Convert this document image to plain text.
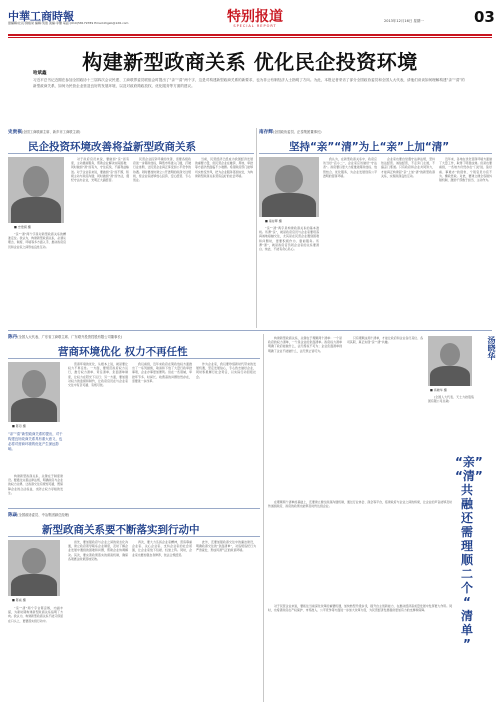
中華工商時報
總編輯/社長:劉植榮 編輯:吳強 美編:李蘭 電話:(010)58179789 Email:zhgsb@126.com	特别报道
SPECIAL REPORT
2013年12月16日 星期一	03
构建新型政商关系 优化民企投资环境
哈斌鑫
习近平总书记近期在参加全国政协十三届四次会议民建、工商联界委员联组会时提出了“亲”“清”两个字，这是对构建新型政商关系的新要求，也为非公有制经济人士指明了方向。为此，本报记者采访了部分全国政协委员和全国人大代表，请他们谈谈如何理解构建“亲”“清”的新型政商关系，如何为民营企业营造良好的发展环境，以及对政府简政放权、优化服务等方面的建议。
史贵祺(全国工商联副主席、新乡市工商联主席)
民企投资环境改善将益新型政商关系
■ 史贵祺 摄

“亲”“清”两个字是对新型政商关系的精准定位。我认为，构建新型政商关系，必须从理念、制度、环境等多方面入手，推动政府官员和企业家之间形成良性互动。

对于政府官员来说，要做到“亲”而有度，主动靠前服务，帮助企业解决实际困难；同时做到“清”而有为，守住底线，不搞利益输送。对于企业家来说，要做到“亲”而不贿，积极主动与政府沟通；同时做到“清”而守法，遵纪守法办企业，光明正大搞经营。

民营企业投资环境的改善，需要各级政府进一步简政放权，降低市场准入门槛，打破行业垄断，让民营企业真正享受到公平竞争的待遇。同时要加快建立公开透明的政商交往规则，使企业家能够放心投资、安心经营、专心创业。

当前，民营经济已经成为我国经济发展的重要力量，但民营企业在融资、用地、审批等方面仍然面临不少难题。希望政府部门能够切实转变作风，把为企业服务落到实处，为构建新型政商关系营造良好的社会环境。

南存辉(全国政协委员、正泰集团董事长)
坚持“亲”“清”为上“亲”上加“清”
■ 南存辉 摄

“亲”“清”两字是构建政商关系的基本准则。所谓“亲”，就是政府官员与企业家要坦荡真诚地接触交往，尤其是在民营企业遇到困难和问题时，更要积极作为、靠前服务。所谓“清”，就是政府官员同企业家的关系要清白、纯洁，不能有贪心私心。

我认为，在新型政商关系中，政府应该当好“店小二”，企业家应该做好“守法者”。政府要以更大力度推进简政放权、放管结合、优化服务，为企业发展创造公平透明的营商环境。

企业家也要自觉遵守法律法规，坚持依法经营、诚信经营，不走旁门左道，不搞歪门邪道。只有政府和企业共同努力，才能真正构建起“亲”上加“清”的新型政商关系，实现政商良性互动。

近年来，各地在优化营商环境方面做了大量工作，取得了明显成效。但是也要看到，一些地方仍然存在“门好进、脸好看、事难办”的现象，个别官员为官不为、懒政怠政。对此，要建立健全容错纠错机制，激励干部敢于担当、主动作为。

陈丹(全国人大代表、广东省工商联主席、广东联升投资控股有限公司董事长)
营商环境优化 权力不再任性
■ 陈丹 摄
“亲”“清”新型政商关系的提出，对于构建良好政商关系具有重大意义，也必将对营商环境的优化产生深远影响。

构建新型政商关系，关键在于制度建设。要通过完善法律法规，明确政府与企业的权力边界，让政商交往有规矩可循，既保障企业的合法权益，也防止权力寻租的发生。

营商环境的优化，从根本上说，就是要让权力不再任性。一方面，要规范政府权力运行，推行权力清单、责任清单、负面清单制度，让权力在阳光下运行；另一方面，要加强对权力的监督和制约，让政府官员在与企业家交往中有章可循、有规可依。

我们看到，近年来政府在简政放权方面推出了一系列措施，取消和下放了大量行政审批事项，企业办事更加便利。但在一些领域，审批环节多、时间长、收费高的问题依然存在，需要进一步改革。

作为企业家，我们要珍惜新时代带来的发展机遇，坚定发展信心，专心致志做好企业，同时积极履行社会责任，以实际行动回报社会。

陈焱(全国政协委员、中冶集团副总经理)
新型政商关系要不断落实到行动中
■ 陈焱 摄

“亲”“清”两个字言简意赅，内涵丰富，为新时期构建新型政商关系指明了方向。我认为，构建新型政商关系不能只停留在口头上，更要落实到行动中。

首先，要加强政府与企业之间的常态化沟通，建立政府领导联系企业制度，及时了解企业发展中遇到的困难和问题，帮助企业协调解决。其次，要完善政策落实的督查机制，确保各项惠企政策落地见效。

再次，要大力弘扬企业家精神，营造尊重企业家、关心企业家、支持企业家的社会氛围，让企业家放下包袱、轻装上阵。同时，企业家也要加强自身修养，依法合规经营。

此外，还要加强政商交往中的廉洁建设，明确政商交往的“负面清单”，对违规违纪行为严肃查处，形成风清气正的政商环境。

汤晓华
■ 汤晓华 摄

(全国人大代表、天士力控股集团有限公司总裁)

“亲”
“清”
共
融
还
需
理
顺
二
个
“
清
单
”

构建新型政商关系，关键在于理顺两个清单：一个是政府的权力清单，一个是企业的负面清单。政府权力清单明确了政府能做什么，法无授权不可为；企业负面清单则明确了企业不能做什么，法无禁止皆可为。

只有理顺这两个清单，才能让政府和企业各归其位、各司其职，真正实现“亲”“清”共融。

在理顺两个清单的基础上，还要建立健全政商沟通机制，通过行业协会、商会等平台，搭建政府与企业之间的桥梁，让企业的声音能够及时传递到政府，政府的政策也能够及时传达到企业。

对于民营企业来说，要抓住当前深化改革的重要机遇，加快转型升级步伐，提升自主创新能力，在推动经济高质量发展中发挥更大作用。同时，也希望政府在产权保护、市场准入、公平竞争等方面进一步加大改革力度，为民营经济发展提供更加有力的支撑和保障。
